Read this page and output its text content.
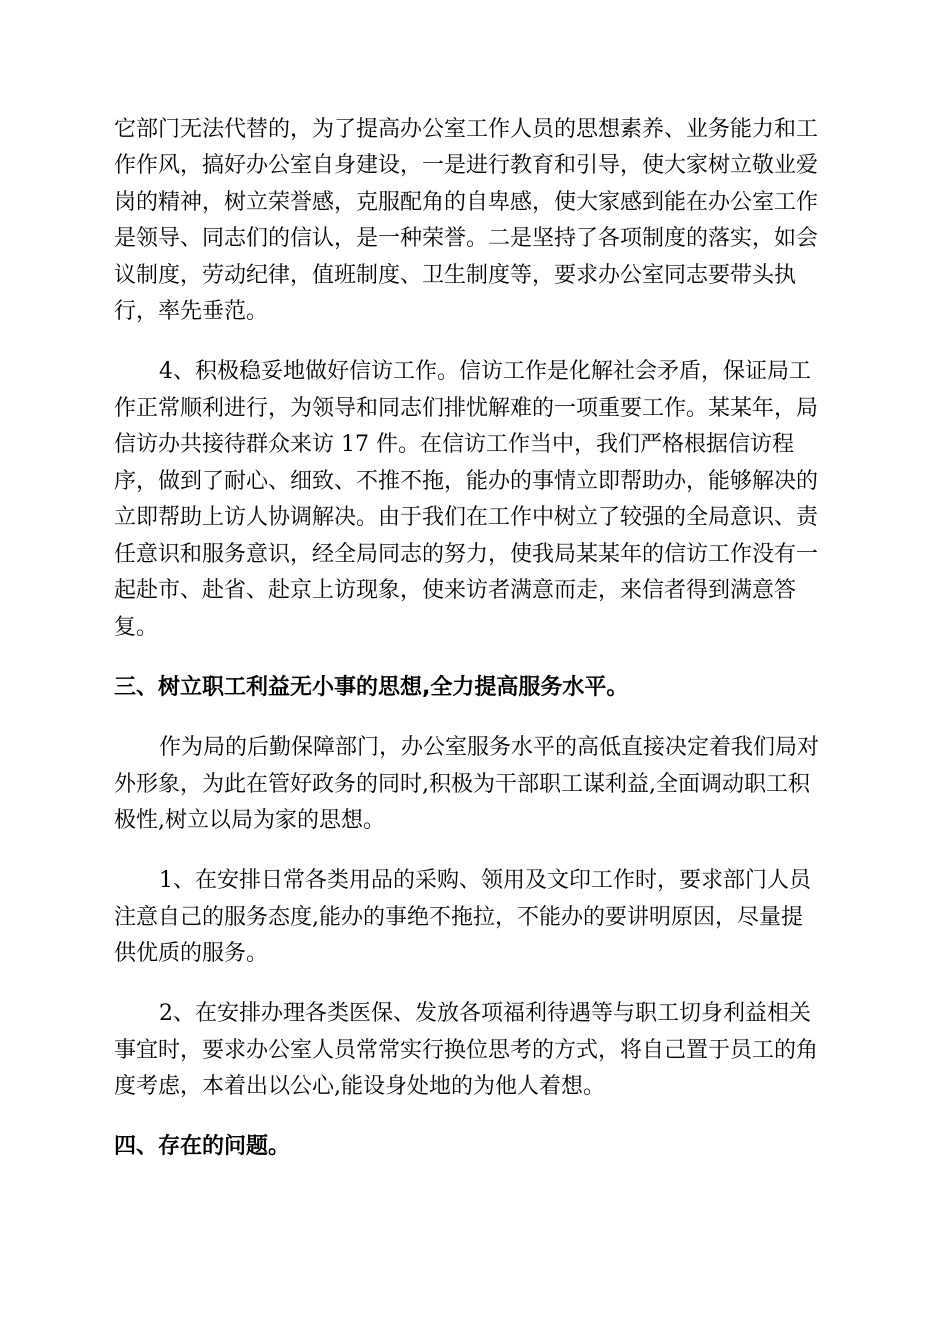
它部门无法代替的，为了提高办公室工作人员的思想素养、业务能力和工
作作风，搞好办公室自身建设，一是进行教育和引导，使大家树立敬业爱
岗的精神，树立荣誉感，克服配角的自卑感，使大家感到能在办公室工作
是领导、同志们的信认，是一种荣誉。二是坚持了各项制度的落实，如会
议制度，劳动纪律，值班制度、卫生制度等，要求办公室同志要带头执
行，率先垂范。
4、积极稳妥地做好信访工作。信访工作是化解社会矛盾，保证局工
作正常顺利进行，为领导和同志们排忧解难的一项重要工作。某某年，局
信访办共接待群众来访 17 件。在信访工作当中，我们严格根据信访程
序，做到了耐心、细致、不推不拖，能办的事情立即帮助办，能够解决的
立即帮助上访人协调解决。由于我们在工作中树立了较强的全局意识、责
任意识和服务意识，经全局同志的努力，使我局某某年的信访工作没有一
起赴市、赴省、赴京上访现象，使来访者满意而走，来信者得到满意答
复。
三、树立职工利益无小事的思想,全力提高服务水平。
作为局的后勤保障部门，办公室服务水平的高低直接决定着我们局对
外形象，为此在管好政务的同时,积极为干部职工谋利益,全面调动职工积
极性,树立以局为家的思想。
1、在安排日常各类用品的采购、领用及文印工作时，要求部门人员
注意自己的服务态度,能办的事绝不拖拉，不能办的要讲明原因，尽量提
供优质的服务。
2、在安排办理各类医保、发放各项福利待遇等与职工切身利益相关
事宜时，要求办公室人员常常实行换位思考的方式，将自己置于员工的角
度考虑，本着出以公心,能设身处地的为他人着想。
四、存在的问题。
